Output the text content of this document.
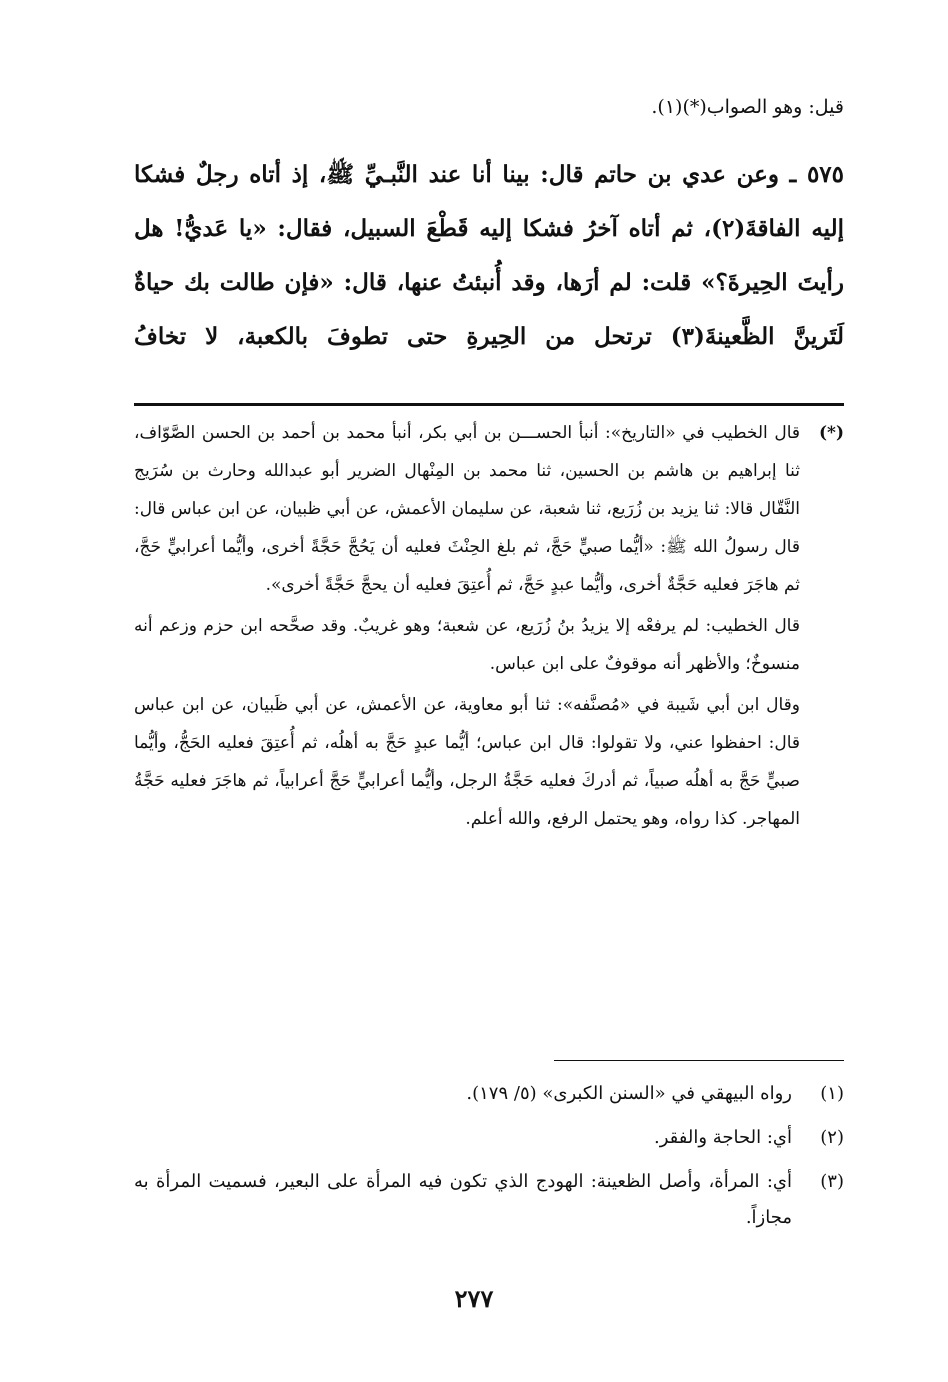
قيل: وهو الصواب(*)(١).
٥٧٥ ـ وعن عدي بن حاتم قال: بينا أنا عند النَّبـيِّ ﷺ، إذ أتاه رجلٌ فشكا إليه الفاقةَ(٢)، ثم أتاه آخرُ فشكا إليه قَطْعَ السبيل، فقال: «يا عَديُّ! هل رأيتَ الحِيرةَ؟» قلت: لم أرَها، وقد أُنبئتُ عنها، قال: «فإن طالت بك حياةٌ لَتَرينَّ الظَّعينةَ(٣) ترتحل من الحِيرةِ حتى تطوفَ بالكعبة، لا تخافُ

(*)
قال الخطيب في «التاريخ»: أنبأ الحســـن بن أبي بكر، أنبأ محمد بن أحمد بن الحسن الصَّوّاف، ثنا إبراهيم بن هاشم بن الحسين، ثنا محمد بن المِنْهال الضرير أبو عبدالله وحارث بن سُرَيج النَّقّال قالا: ثنا يزيد بن زُرَيع، ثنا شعبة، عن سليمان الأعمش، عن أبي ظبيان، عن ابن عباس قال: قال رسولُ الله ﷺ: «أيُّما صبيٍّ حَجَّ، ثم بلغ الحِنْثَ فعليه أن يَحُجَّ حَجَّةً أخرى، وأيُّما أعرابيٍّ حَجَّ، ثم هاجَرَ فعليه حَجَّةٌ أخرى، وأيُّما عبدٍ حَجَّ، ثم أُعتِقَ فعليه أن يحجَّ حَجَّةً أخرى».

قال الخطيب: لم يرفعْه إلا يزيدُ بنُ زُرَيع، عن شعبة؛ وهو غريبٌ. وقد صحَّحه ابن حزم وزعم أنه منسوخٌ؛ والأظهر أنه موقوفٌ على ابن عباس.

وقال ابن أبي شَيبة في «مُصنَّفه»: ثنا أبو معاوية، عن الأعمش، عن أبي ظَبيان، عن ابن عباس قال: احفظوا عني، ولا تقولوا: قال ابن عباس؛ أيُّما عبدٍ حَجَّ به أهلُه، ثم أُعتِقَ فعليه الحَجُّ، وأيُّما صبيٍّ حَجَّ به أهلُه صبياً، ثم أدركَ فعليه حَجَّةُ الرجل، وأيُّما أعرابيٍّ حَجَّ أعرابياً، ثم هاجَرَ فعليه حَجَّةُ المهاجر. كذا رواه، وهو يحتمل الرفع، والله أعلم.

(١)
رواه البيهقي في «السنن الكبرى» (٥/ ١٧٩).
(٢)
أي: الحاجة والفقر.
(٣)
أي: المرأة، وأصل الظعينة: الهودج الذي تكون فيه المرأة على البعير، فسميت المرأة به مجازاً.
٢٧٧
